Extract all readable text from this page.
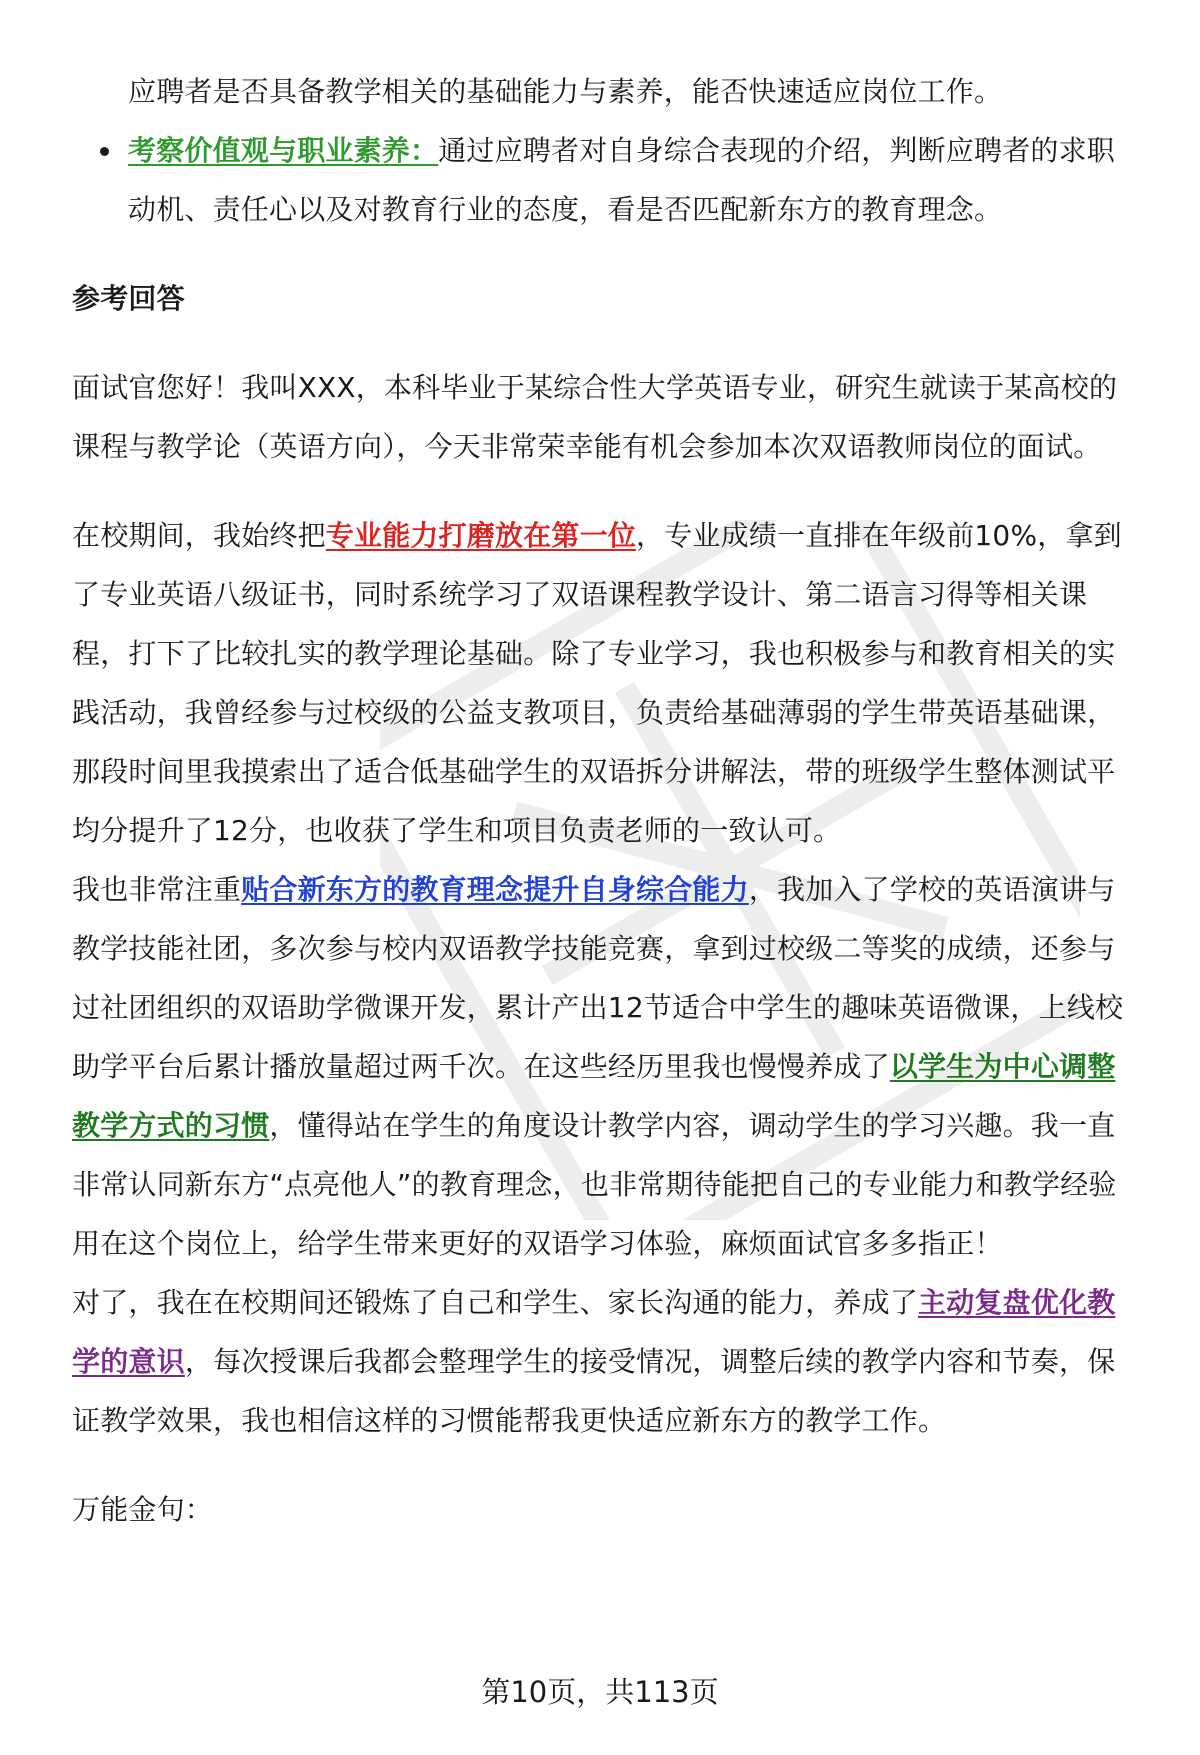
应聘者是否具备教学相关的基础能力与素养，能否快速适应岗位工作。
考察价值观与职业素养：通过应聘者对自身综合表现的介绍，判断应聘者的求职动机、责任心以及对教育行业的态度，看是否匹配新东方的教育理念。
参考回答
面试官您好！我叫XXX，本科毕业于某综合性大学英语专业，研究生就读于某高校的课程与教学论（英语方向），今天非常荣幸能有机会参加本次双语教师岗位的面试。
在校期间，我始终把专业能力打磨放在第一位，专业成绩一直排在年级前10%，拿到了专业英语八级证书，同时系统学习了双语课程教学设计、第二语言习得等相关课程，打下了比较扎实的教学理论基础。除了专业学习，我也积极参与和教育相关的实践活动，我曾经参与过校级的公益支教项目，负责给基础薄弱的学生带英语基础课，那段时间里我摸索出了适合低基础学生的双语拆分讲解法，带的班级学生整体测试平均分提升了12分，也收获了学生和项目负责老师的一致认可。
我也非常注重贴合新东方的教育理念提升自身综合能力，我加入了学校的英语演讲与教学技能社团，多次参与校内双语教学技能竞赛，拿到过校级二等奖的成绩，还参与过社团组织的双语助学微课开发，累计产出12节适合中学生的趣味英语微课，上线校助学平台后累计播放量超过两千次。在这些经历里我也慢慢养成了以学生为中心调整教学方式的习惯，懂得站在学生的角度设计教学内容，调动学生的学习兴趣。我一直非常认同新东方“点亮他人”的教育理念，也非常期待能把自己的专业能力和教学经验用在这个岗位上，给学生带来更好的双语学习体验，麻烦面试官多多指正！
对了，我在在校期间还锻炼了自己和学生、家长沟通的能力，养成了主动复盘优化教学的意识，每次授课后我都会整理学生的接受情况，调整后续的教学内容和节奏，保证教学效果，我也相信这样的习惯能帮我更快适应新东方的教学工作。
万能金句：
第10页，共113页
